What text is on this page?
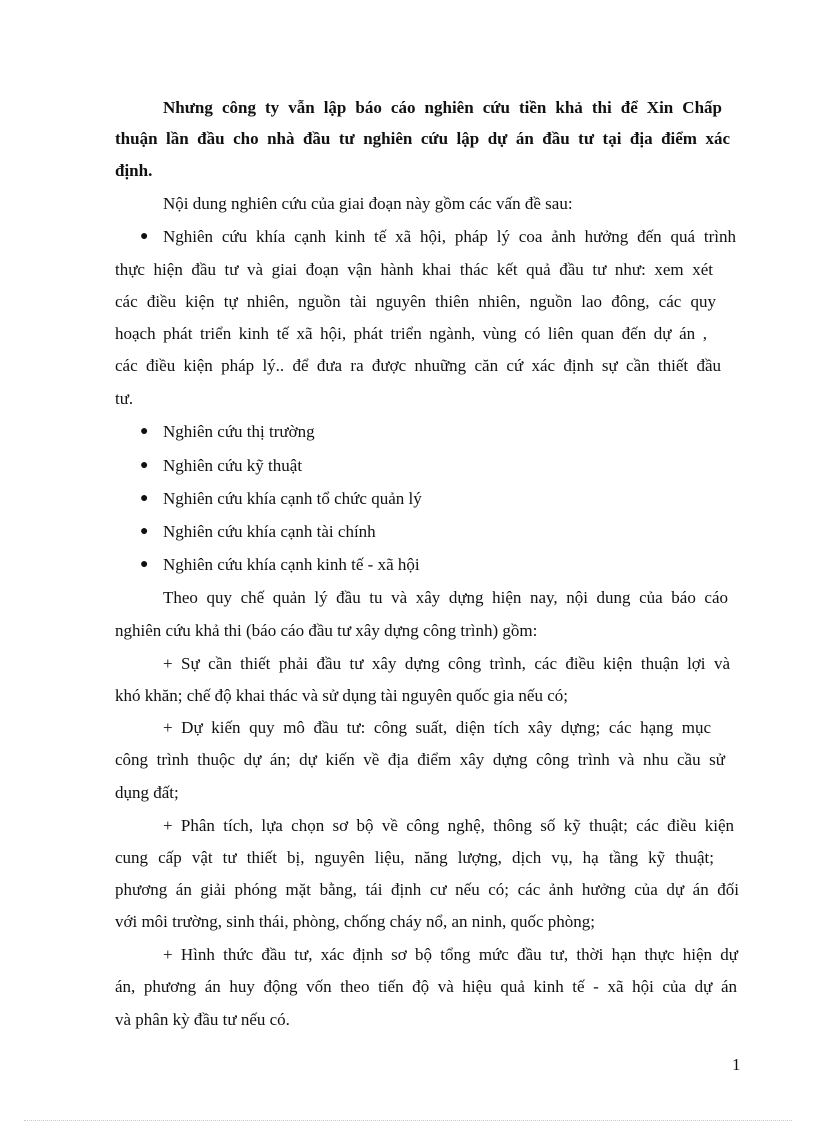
Nhưng công ty vẫn lập báo cáo nghiên cứu tiền khả thi để Xin Chấp
thuận lần đầu cho nhà đầu tư nghiên cứu lập dự án đầu tư tại địa điểm xác
định.
Nội dung nghiên cứu của giai đoạn này gồm các vấn đề sau:
● Nghiên cứu khía cạnh kinh tế xã hội, pháp lý coa ảnh hưởng đến quá trình
thực hiện đầu tư và giai đoạn vận hành khai thác kết quả đầu tư như: xem xét
các điều kiện tự nhiên, nguồn tài nguyên thiên nhiên, nguồn lao đông, các quy
hoạch phát triển kinh tế xã hội, phát triển ngành, vùng có liên quan đến dự án ,
các điều kiện pháp lý.. để đưa ra được nhuững căn cứ xác định sự cần thiết đầu
tư.
● Nghiên cứu thị trường
● Nghiên cứu kỹ thuật
● Nghiên cứu khía cạnh tổ chức quản lý
● Nghiên cứu khía cạnh tài chính
● Nghiên cứu khía cạnh kinh tế - xã hội
Theo quy chế quản lý đầu tu và xây dựng hiện nay, nội dung của báo cáo
nghiên cứu khả thi (báo cáo đầu tư xây dựng công trình) gồm:
+ Sự cần thiết phải đầu tư xây dựng công trình, các điều kiện thuận lợi và
khó khăn; chế độ khai thác và sử dụng tài nguyên quốc gia nếu có;
+ Dự kiến quy mô đầu tư: công suất, diện tích xây dựng; các hạng mục
công trình thuộc dự án; dự kiến về địa điểm xây dựng công trình và nhu cầu sử
dụng đất;
+ Phân tích, lựa chọn sơ bộ về công nghệ, thông số kỹ thuật; các điều kiện
cung cấp vật tư thiết bị, nguyên liệu, năng lượng, dịch vụ, hạ tầng kỹ thuật;
phương án giải phóng mặt bằng, tái định cư nếu có; các ảnh hưởng của dự án đối
với môi trường, sinh thái, phòng, chống cháy nổ, an ninh, quốc phòng;
+ Hình thức đầu tư, xác định sơ bộ tổng mức đầu tư, thời hạn thực hiện dự
án, phương án huy động vốn theo tiến độ và hiệu quả kinh tế - xã hội của dự án
và phân kỳ đầu tư nếu có.
1
